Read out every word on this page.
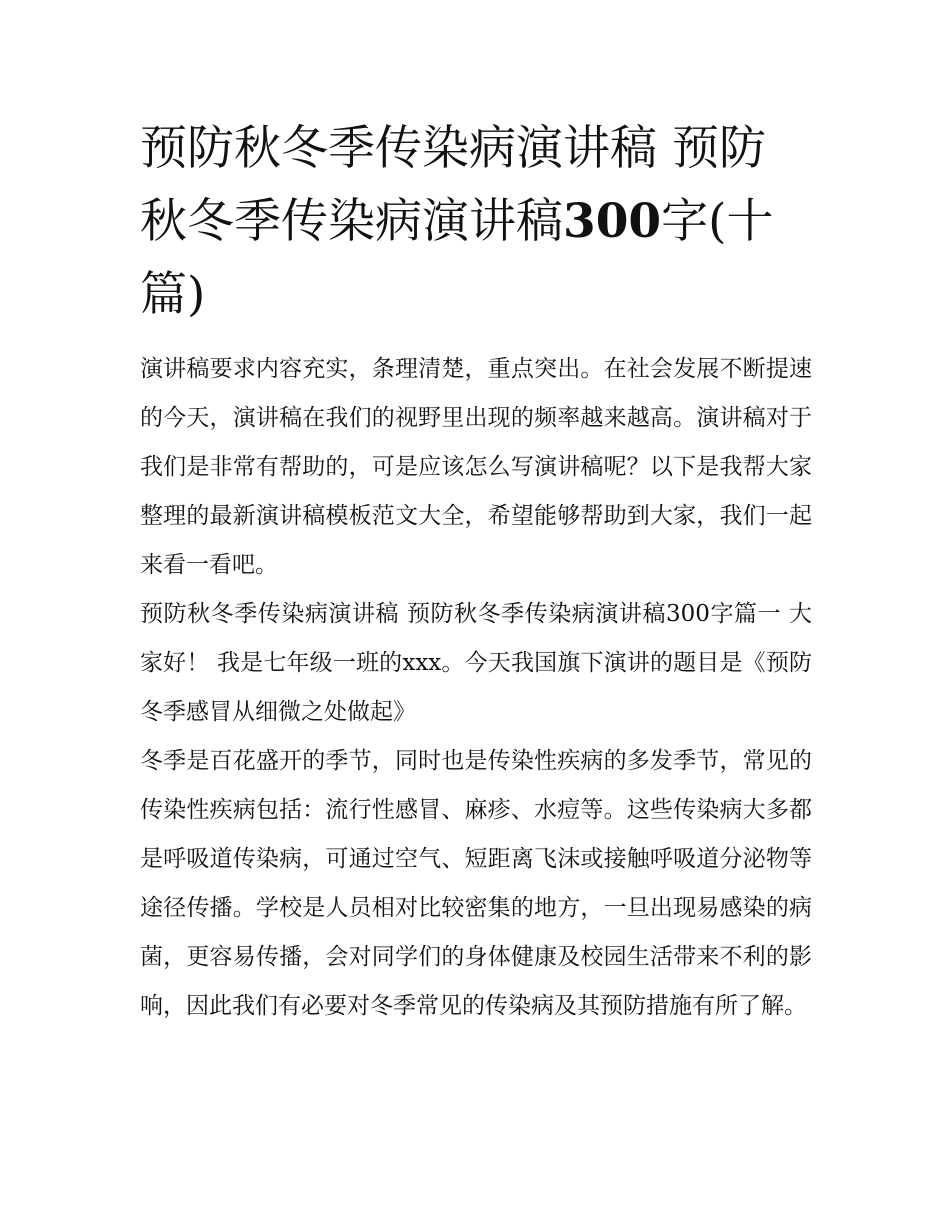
预防秋冬季传染病演讲稿 预防秋冬季传染病演讲稿300字(十篇)

演讲稿要求内容充实，条理清楚，重点突出。在社会发展不断提速的今天，演讲稿在我们的视野里出现的频率越来越高。演讲稿对于我们是非常有帮助的，可是应该怎么写演讲稿呢？以下是我帮大家整理的最新演讲稿模板范文大全，希望能够帮助到大家，我们一起来看一看吧。

预防秋冬季传染病演讲稿 预防秋冬季传染病演讲稿300字篇一 大家好！ 我是七年级一班的xxx。今天我国旗下演讲的题目是《预防冬季感冒从细微之处做起》

冬季是百花盛开的季节，同时也是传染性疾病的多发季节，常见的传染性疾病包括：流行性感冒、麻疹、水痘等。这些传染病大多都是呼吸道传染病，可通过空气、短距离飞沫或接触呼吸道分泌物等途径传播。学校是人员相对比较密集的地方，一旦出现易感染的病菌，更容易传播，会对同学们的身体健康及校园生活带来不利的影响，因此我们有必要对冬季常见的传染病及其预防措施有所了解。
